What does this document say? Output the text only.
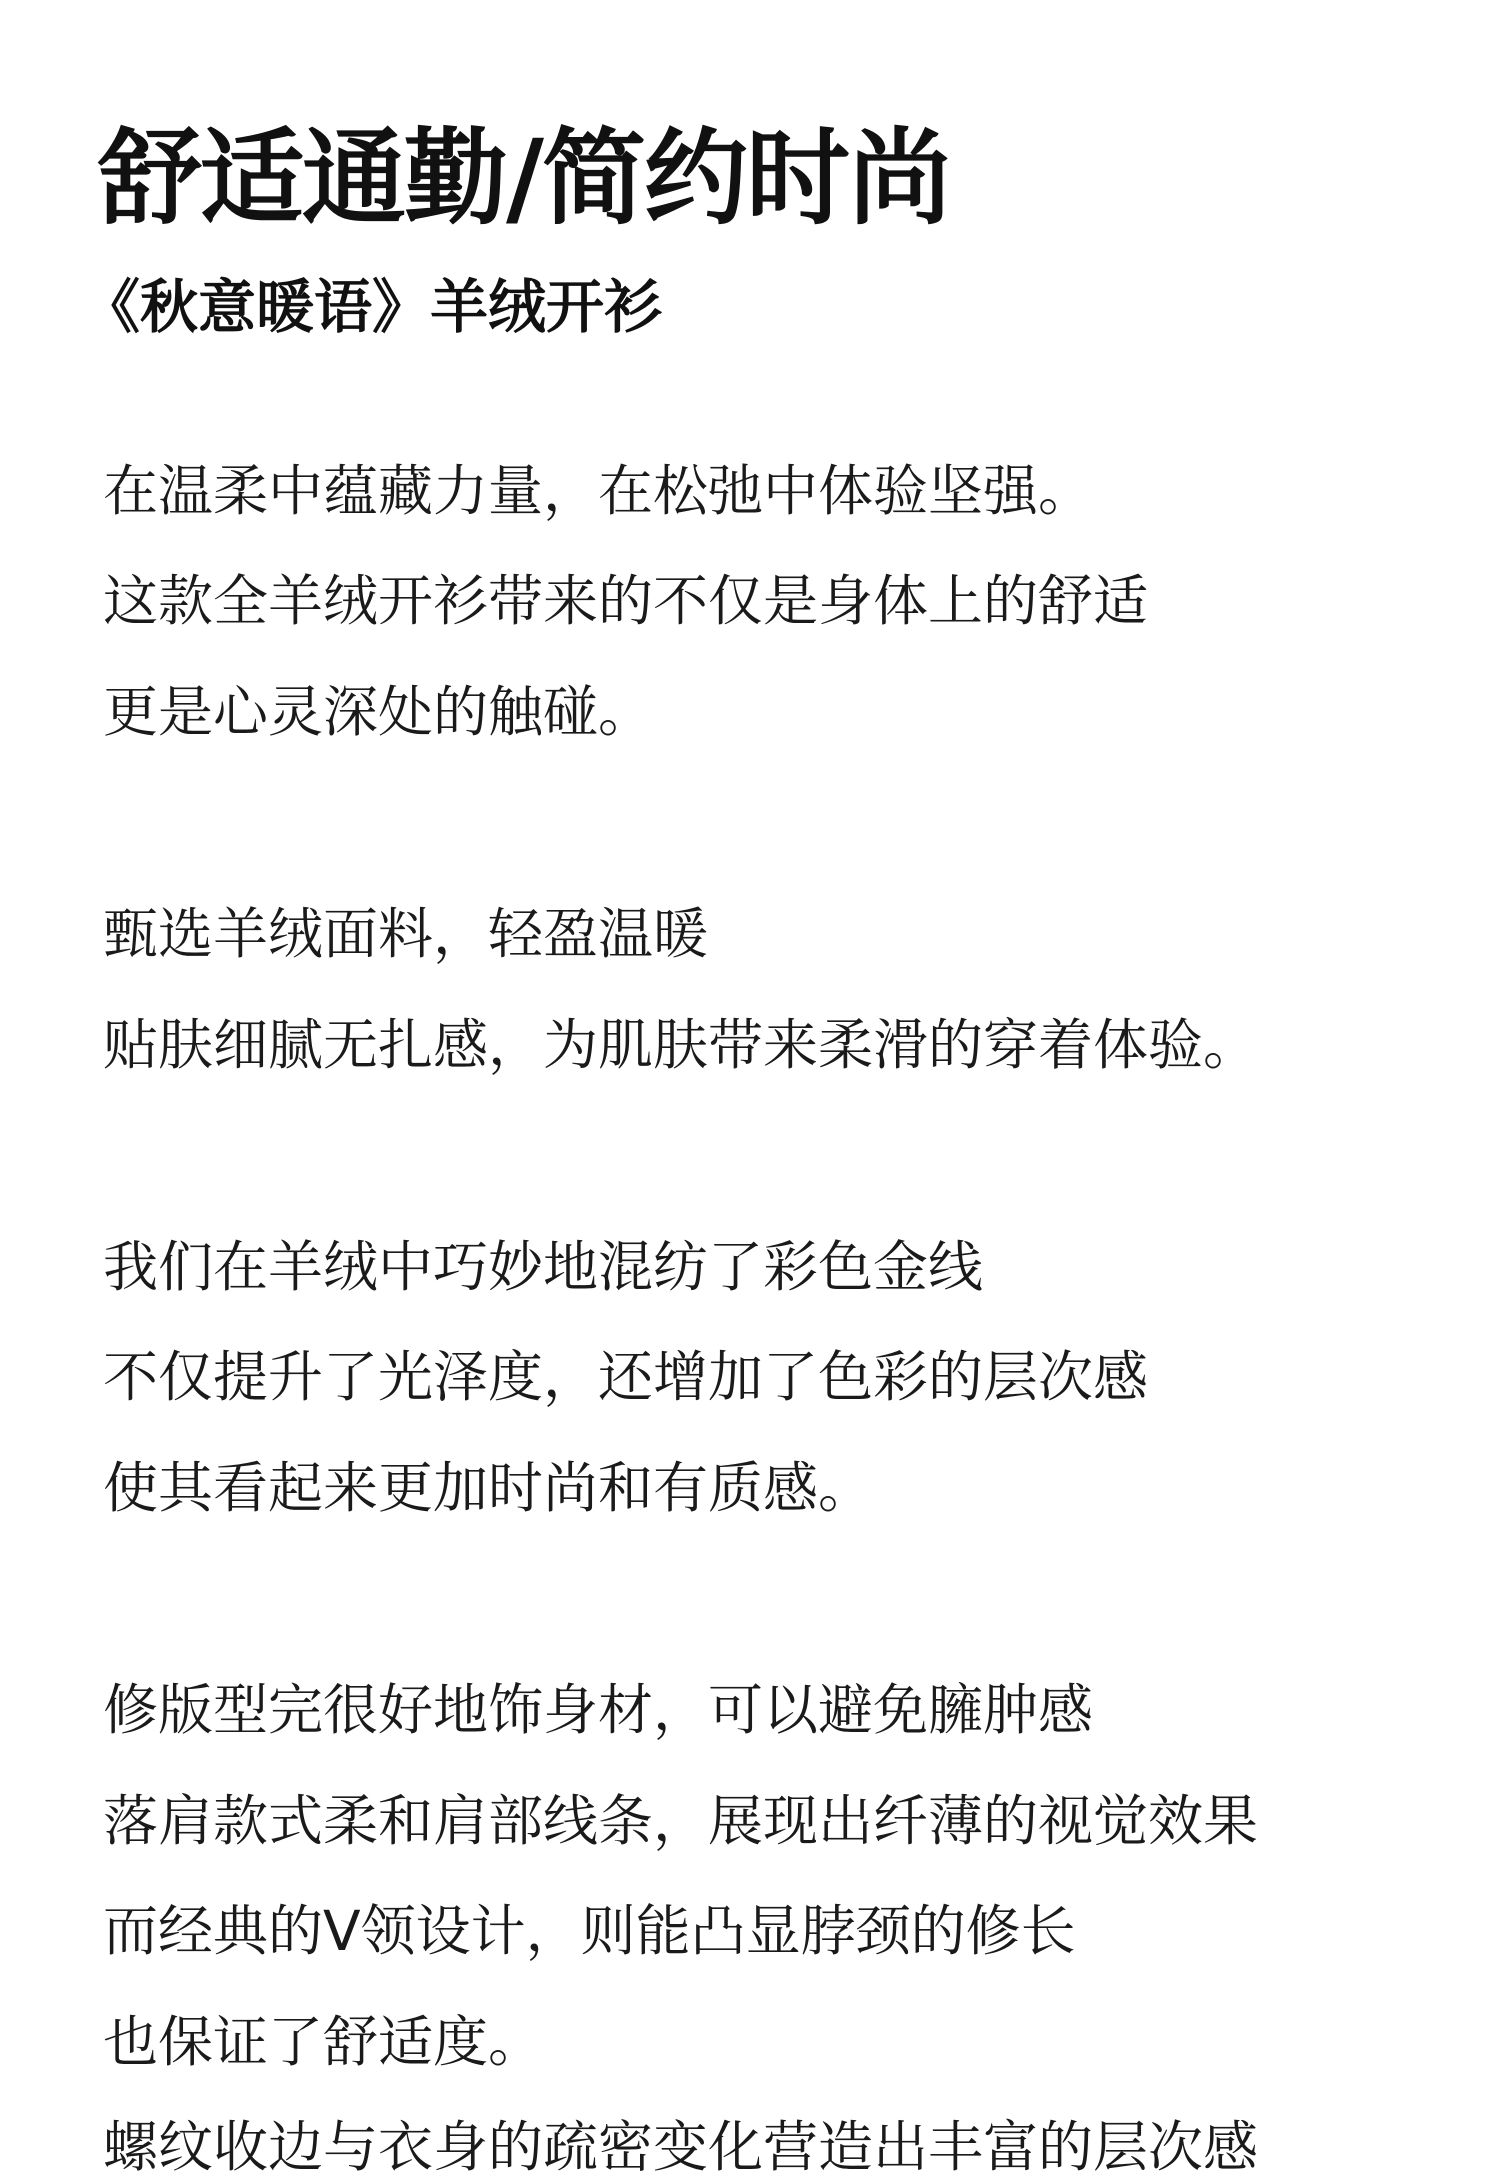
舒适通勤/简约时尚
《秋意暖语》羊绒开衫
在温柔中蕴藏力量，在松弛中体验坚强。
这款全羊绒开衫带来的不仅是身体上的舒适
更是心灵深处的触碰。
甄选羊绒面料，轻盈温暖
贴肤细腻无扎感，为肌肤带来柔滑的穿着体验。
我们在羊绒中巧妙地混纺了彩色金线
不仅提升了光泽度，还增加了色彩的层次感
使其看起来更加时尚和有质感。
修版型完很好地饰身材，可以避免臃肿感
落肩款式柔和肩部线条，展现出纤薄的视觉效果
而经典的V领设计，则能凸显脖颈的修长
也保证了舒适度。
螺纹收边与衣身的疏密变化营造出丰富的层次感
